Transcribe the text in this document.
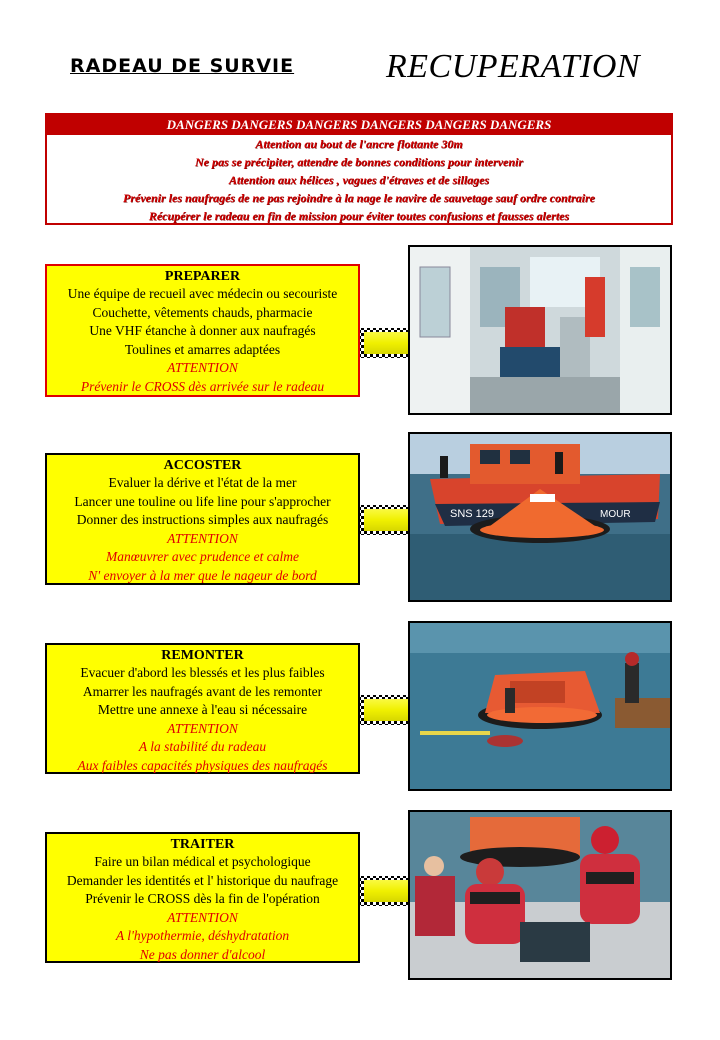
RADEAU DE SURVIE	RECUPERATION
DANGERS DANGERS DANGERS DANGERS DANGERS DANGERS
Attention au bout de l'ancre flottante 30m
Ne pas se précipiter, attendre de bonnes conditions pour intervenir
Attention aux hélices , vagues d'étraves et de sillages
Prévenir les naufragés de ne pas rejoindre à la nage le navire de sauvetage sauf ordre contraire
Récupérer le radeau en fin de mission pour éviter toutes confusions et fausses alertes
PREPARER
Une équipe de recueil avec médecin ou secouriste
Couchette, vêtements chauds, pharmacie
Une VHF étanche à donner aux naufragés
Toulines et amarres adaptées
ATTENTION
Prévenir le CROSS dès arrivée sur le radeau
ACCOSTER
Evaluer la dérive et l'état de la mer
Lancer une touline ou life line pour s'approcher
Donner des instructions simples aux naufragés
ATTENTION
Manœuvrer avec prudence et calme
N' envoyer à la mer que le nageur de bord
SNS 129	MOUR
REMONTER
Evacuer d'abord les blessés et les plus faibles
Amarrer les naufragés avant de les remonter
Mettre une annexe à l'eau si nécessaire
ATTENTION
A la stabilité du radeau
Aux faibles capacités physiques des naufragés
TRAITER
Faire un bilan médical et psychologique
Demander les identités et l' historique du naufrage
Prévenir le CROSS dès la fin de l'opération
ATTENTION
A l'hypothermie, déshydratation
Ne pas donner d'alcool
